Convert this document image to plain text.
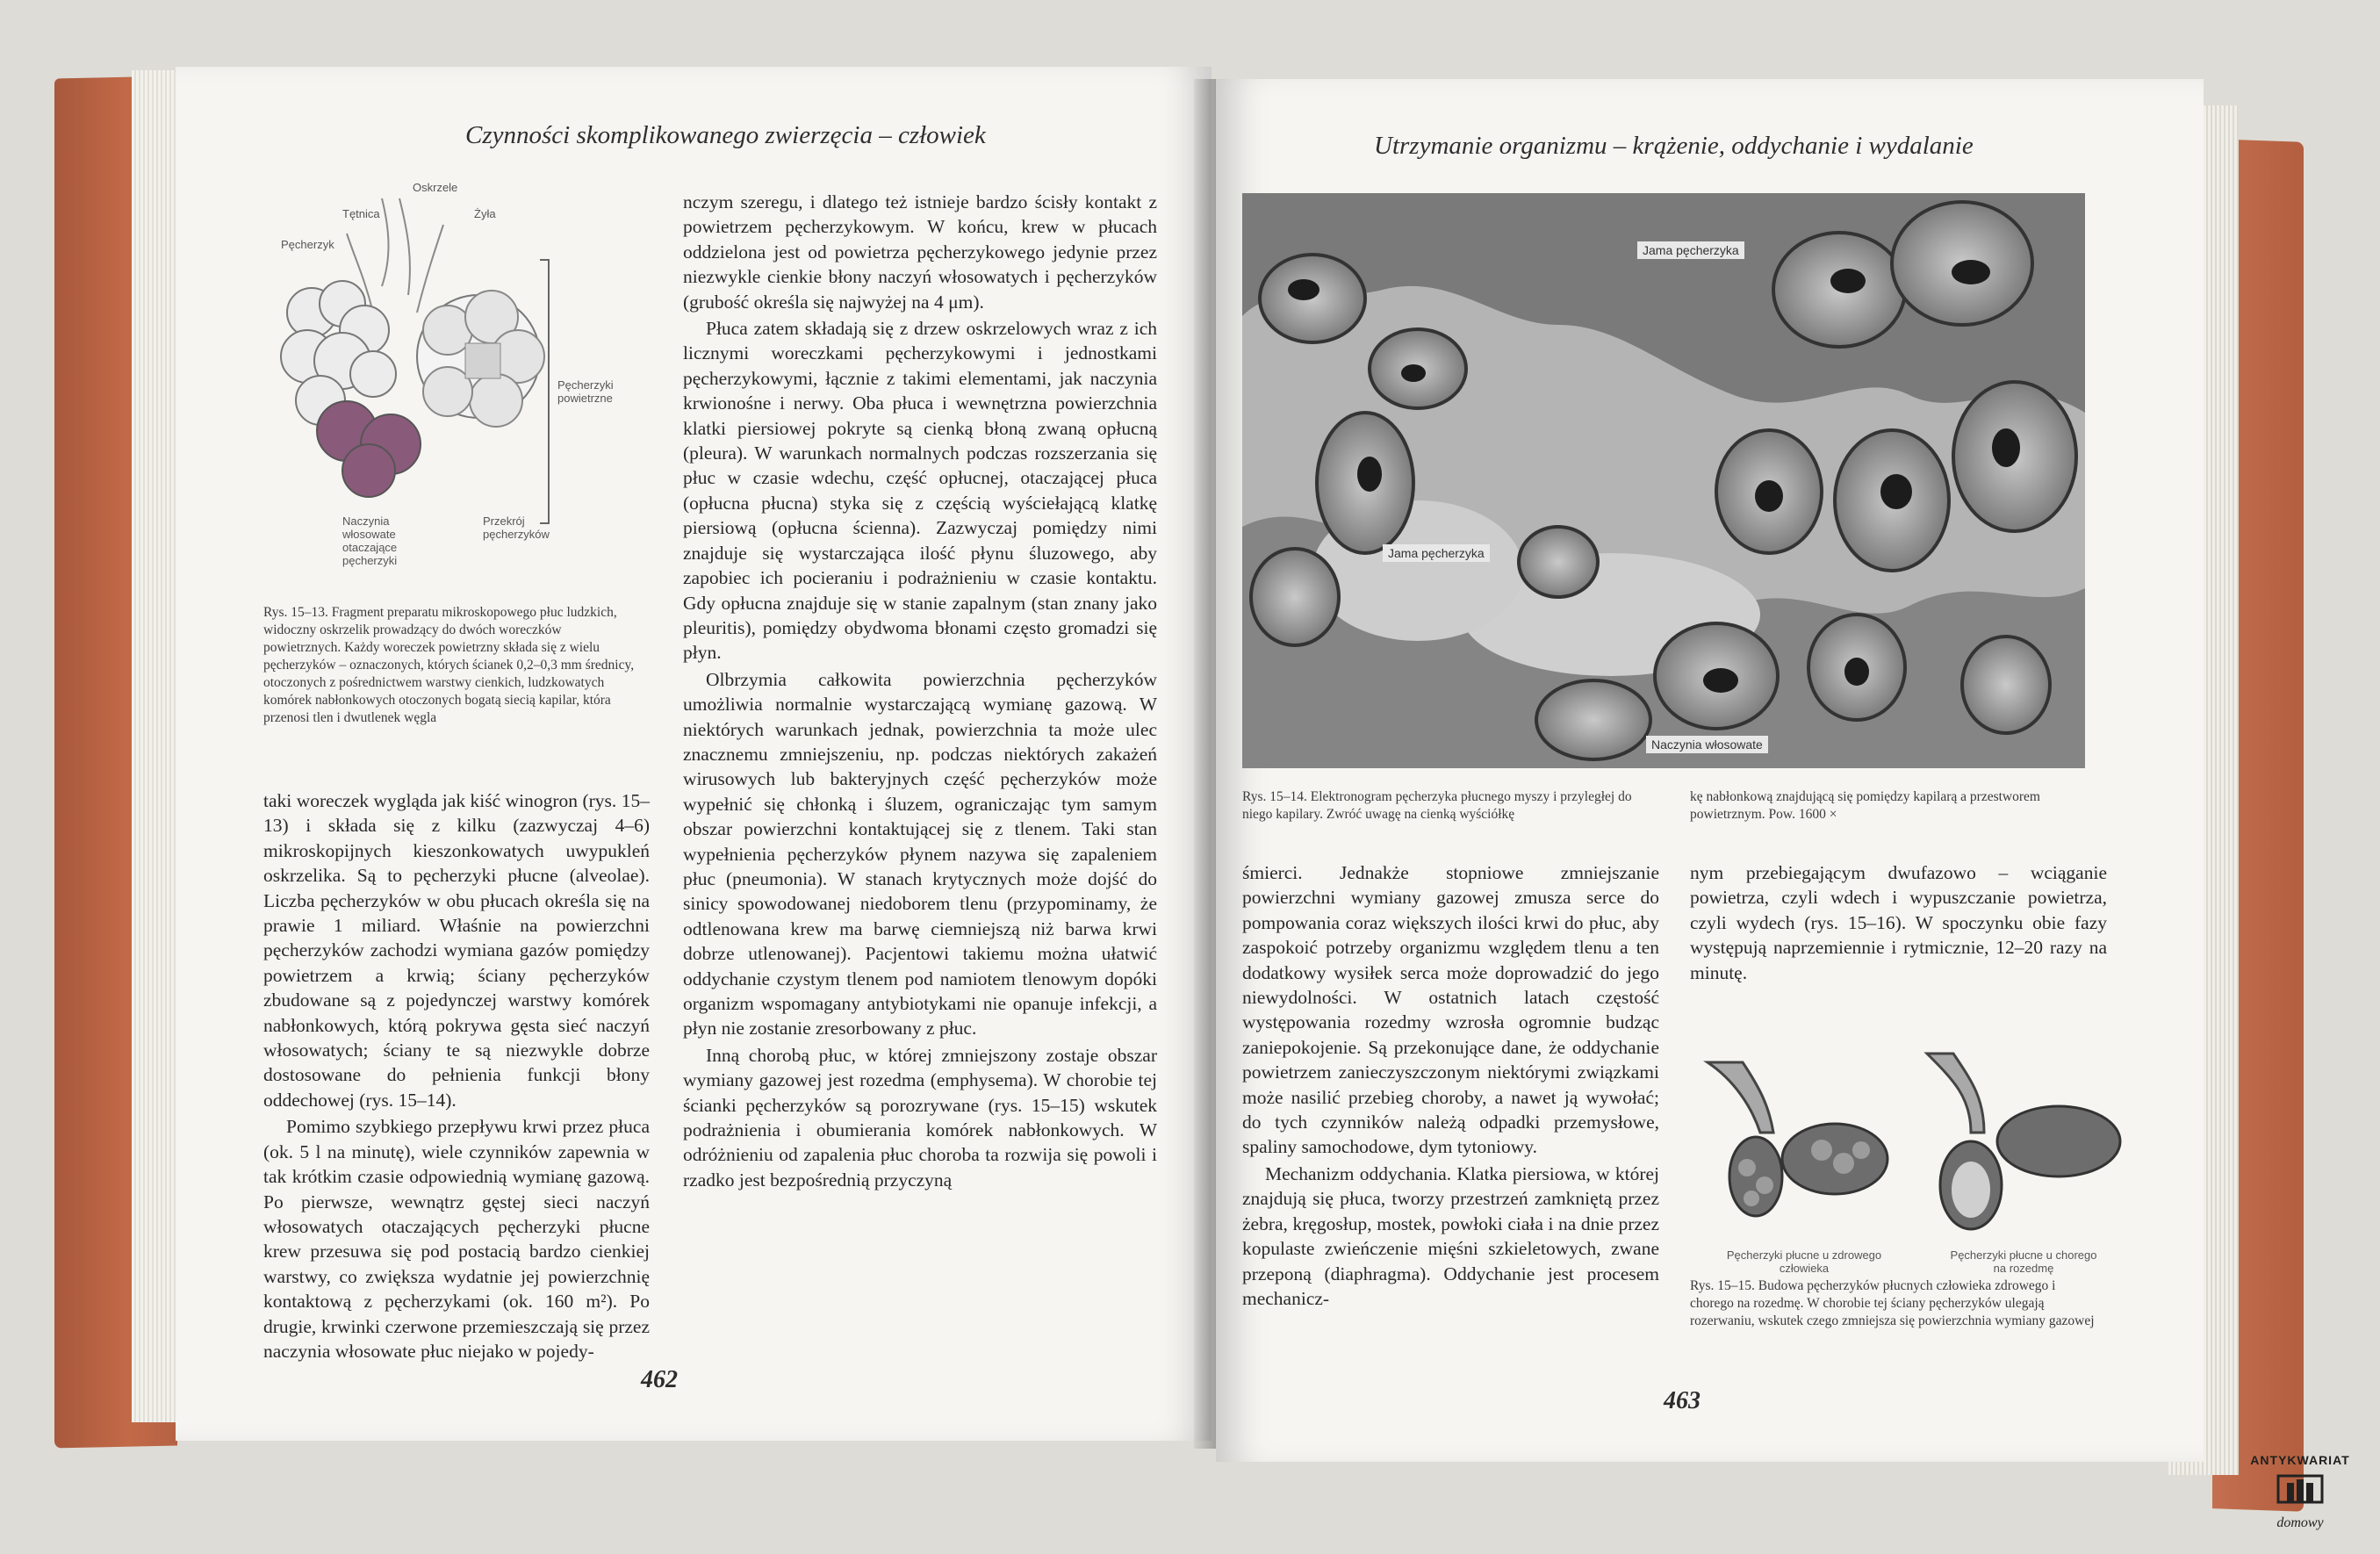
Czynności skomplikowanego zwierzęcia – człowiek
Oskrzele
Tętnica	Żyła
Pęcherzyk
Pęcherzyki powietrzne
Naczynia włosowate otaczające pęcherzyki
Przekrój pęcherzyków
Rys. 15–13. Fragment preparatu mikroskopowego płuc ludzkich, widoczny oskrzelik prowadzący do dwóch woreczków powietrznych. Każdy woreczek powietrzny składa się z wielu pęcherzyków – oznaczonych, których ścianek 0,2–0,3 mm średnicy, otoczonych z pośrednictwem warstwy cienkich, ludzkowatych komórek nabłonkowych otoczonych bogatą siecią kapilar, która przenosi tlen i dwutlenek węgla

taki woreczek wygląda jak kiść winogron (rys. 15–13) i składa się z kilku (zazwyczaj 4–6) mikroskopijnych kieszonkowatych uwypukleń oskrzelika. Są to pęcherzyki płucne (alveolae). Liczba pęcherzyków w obu płucach określa się na prawie 1 miliard. Właśnie na powierzchni pęcherzyków zachodzi wymiana gazów pomiędzy powietrzem a krwią; ściany pęcherzyków zbudowane są z pojedynczej warstwy komórek nabłonkowych, którą pokrywa gęsta sieć naczyń włosowatych; ściany te są niezwykle dobrze dostosowane do pełnienia funkcji błony oddechowej (rys. 15–14).

Pomimo szybkiego przepływu krwi przez płuca (ok. 5 l na minutę), wiele czynników zapewnia w tak krótkim czasie odpowiednią wymianę gazową. Po pierwsze, wewnątrz gęstej sieci naczyń włosowatych otaczających pęcherzyki płucne krew przesuwa się pod postacią bardzo cienkiej warstwy, co zwiększa wydatnie jej powierzchnię kontaktową z pęcherzykami (ok. 160 m²). Po drugie, krwinki czerwone przemieszczają się przez naczynia włosowate płuc niejako w pojedy-

nczym szeregu, i dlatego też istnieje bardzo ścisły kontakt z powietrzem pęcherzykowym. W końcu, krew w płucach oddzielona jest od powietrza pęcherzykowego jedynie przez niezwykle cienkie błony naczyń włosowatych i pęcherzyków (grubość określa się najwyżej na 4 μm).

Płuca zatem składają się z drzew oskrzelowych wraz z ich licznymi woreczkami pęcherzykowymi i jednostkami pęcherzykowymi, łącznie z takimi elementami, jak naczynia krwionośne i nerwy. Oba płuca i wewnętrzna powierzchnia klatki piersiowej pokryte są cienką błoną zwaną opłucną (pleura). W warunkach normalnych podczas rozszerzania się płuc w czasie wdechu, część opłucnej, otaczającej płuca (opłucna płucna) styka się z częścią wyściełającą klatkę piersiową (opłucna ścienna). Zazwyczaj pomiędzy nimi znajduje się wystarczająca ilość płynu śluzowego, aby zapobiec ich pocieraniu i podrażnieniu w czasie kontaktu. Gdy opłucna znajduje się w stanie zapalnym (stan znany jako pleuritis), pomiędzy obydwoma błonami często gromadzi się płyn.

Olbrzymia całkowita powierzchnia pęcherzyków umożliwia normalnie wystarczającą wymianę gazową. W niektórych warunkach jednak, powierzchnia ta może ulec znacznemu zmniejszeniu, np. podczas niektórych zakażeń wirusowych lub bakteryjnych część pęcherzyków może wypełnić się chłonką i śluzem, ograniczając tym samym obszar powierzchni kontaktującej się z tlenem. Taki stan wypełnienia pęcherzyków płynem nazywa się zapaleniem płuc (pneumonia). W stanach krytycznych może dojść do sinicy spowodowanej niedoborem tlenu (przypominamy, że odtlenowana krew ma barwę ciemniejszą niż barwa krwi dobrze utlenowanej). Pacjentowi takiemu można ułatwić oddychanie czystym tlenem pod namiotem tlenowym dopóki organizm wspomagany antybiotykami nie opanuje infekcji, a płyn nie zostanie zresorbowany z płuc.

Inną chorobą płuc, w której zmniejszony zostaje obszar wymiany gazowej jest rozedma (emphysema). W chorobie tej ścianki pęcherzyków są porozrywane (rys. 15–15) wskutek podrażnienia i obumierania komórek nabłonkowych. W odróżnieniu od zapalenia płuc choroba ta rozwija się powoli i rzadko jest bezpośrednią przyczyną

462
Utrzymanie organizmu – krążenie, oddychanie i wydalanie
Jama pęcherzyka
Jama pęcherzyka
Naczynia włosowate
Rys. 15–14. Elektronogram pęcherzyka płucnego myszy i przyległej do niego kapilary. Zwróć uwagę na cienką wyściółkę
kę nabłonkową znajdującą się pomiędzy kapilarą a przestworem powietrznym. Pow. 1600 ×

śmierci. Jednakże stopniowe zmniejszanie powierzchni wymiany gazowej zmusza serce do pompowania coraz większych ilości krwi do płuc, aby zaspokoić potrzeby organizmu względem tlenu a ten dodatkowy wysiłek serca może doprowadzić do jego niewydolności. W ostatnich latach częstość występowania rozedmy wzrosła ogromnie budząc zaniepokojenie. Są przekonujące dane, że oddychanie powietrzem zanieczyszczonym niektórymi związkami może nasilić przebieg choroby, a nawet ją wywołać; do tych czynników należą odpadki przemysłowe, spaliny samochodowe, dym tytoniowy.

Mechanizm oddychania. Klatka piersiowa, w której znajdują się płuca, tworzy przestrzeń zamkniętą przez żebra, kręgosłup, mostek, powłoki ciała i na dnie przez kopulaste zwieńczenie mięśni szkieletowych, zwane przeponą (diaphragma). Oddychanie jest procesem mechanicz-

nym przebiegającym dwufazowo – wciąganie powietrza, czyli wdech i wypuszczanie powietrza, czyli wydech (rys. 15–16). W spoczynku obie fazy występują naprzemiennie i rytmicznie, 12–20 razy na minutę.

Pęcherzyki płucne u zdrowego człowieka
Pęcherzyki płucne u chorego na rozedmę
Rys. 15–15. Budowa pęcherzyków płucnych człowieka zdrowego i chorego na rozedmę. W chorobie tej ściany pęcherzyków ulegają rozerwaniu, wskutek czego zmniejsza się powierzchnia wymiany gazowej
463
ANTYKWARIAT
domowy
